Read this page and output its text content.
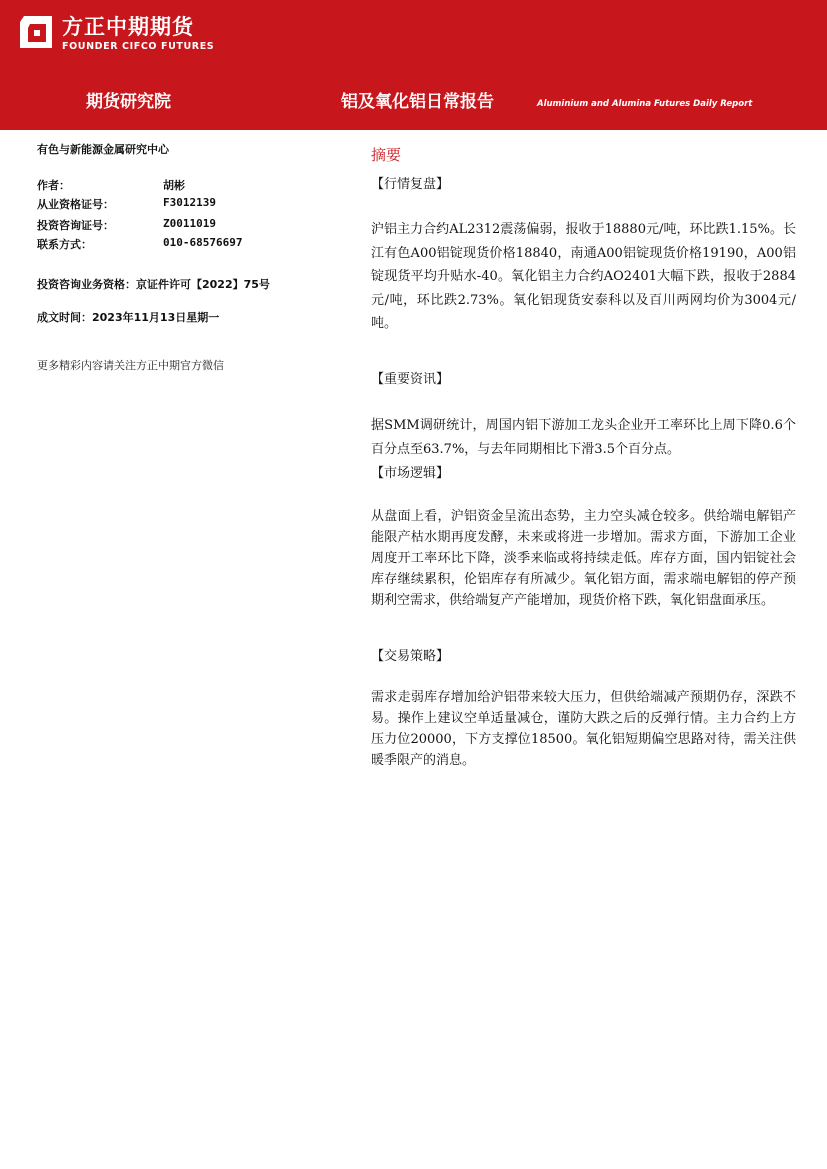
方正中期期货
FOUNDER CIFCO FUTURES
期货研究院	铝及氧化铝日常报告	Aluminium and Alumina Futures Daily Report
有色与新能源金属研究中心
作者：	胡彬
从业资格证号：	F3012139
投资咨询证号：	Z0011019
联系方式：	010-68576697
投资咨询业务资格：京证件许可【2022】75号
成文时间：2023年11月13日星期一
更多精彩内容请关注方正中期官方微信
摘要
【行情复盘】
沪铝主力合约AL2312震荡偏弱，报收于18880元/吨，环比跌1.15%。长江有色A00铝锭现货价格18840，南通A00铝锭现货价格19190，A00铝锭现货平均升贴水-40。氧化铝主力合约AO2401大幅下跌，报收于2884元/吨，环比跌2.73%。氧化铝现货安泰科以及百川两网均价为3004元/吨。
【重要资讯】
据SMM调研统计，周国内铝下游加工龙头企业开工率环比上周下降0.6个百分点至63.7%，与去年同期相比下滑3.5个百分点。
【市场逻辑】
从盘面上看，沪铝资金呈流出态势，主力空头减仓较多。供给端电解铝产能限产枯水期再度发酵，未来或将进一步增加。需求方面，下游加工企业周度开工率环比下降，淡季来临或将持续走低。库存方面，国内铝锭社会库存继续累积，伦铝库存有所减少。氧化铝方面，需求端电解铝的停产预期利空需求，供给端复产产能增加，现货价格下跌，氧化铝盘面承压。
【交易策略】
需求走弱库存增加给沪铝带来较大压力，但供给端减产预期仍存，深跌不易。操作上建议空单适量减仓，谨防大跌之后的反弹行情。主力合约上方压力位20000，下方支撑位18500。氧化铝短期偏空思路对待，需关注供暖季限产的消息。
